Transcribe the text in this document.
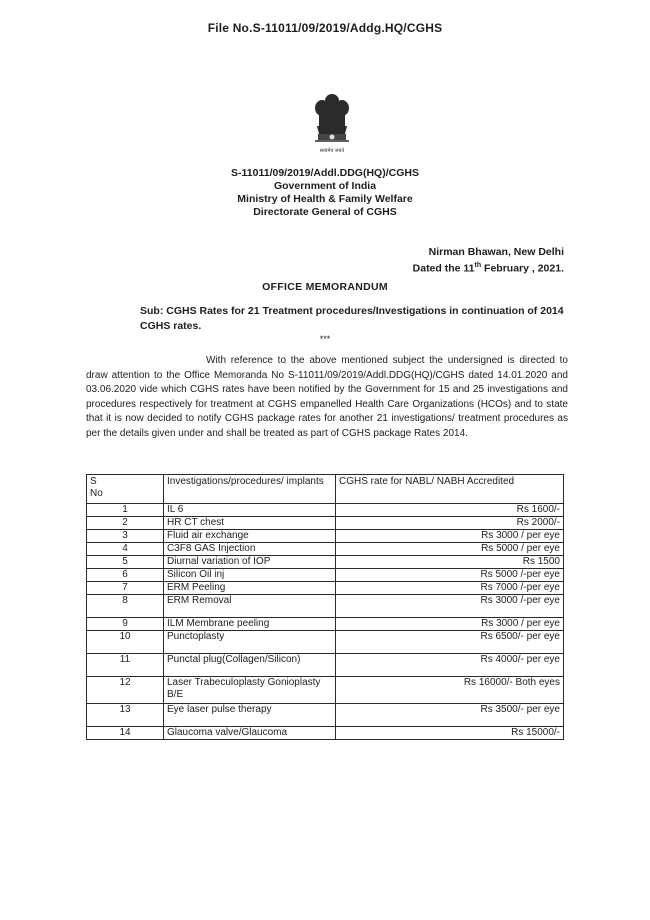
File No.S-11011/09/2019/Addg.HQ/CGHS
सत्यमेव जयते
S-11011/09/2019/Addl.DDG(HQ)/CGHS
Government of India
Ministry of Health & Family Welfare
Directorate General of CGHS
Nirman Bhawan, New Delhi
Dated the 11th February , 2021.
OFFICE MEMORANDUM
Sub: CGHS Rates for 21 Treatment procedures/Investigations in continuation of 2014 CGHS rates.
***
With reference to the above mentioned subject the undersigned is directed to draw attention to the Office Memoranda No S-11011/09/2019/Addl.DDG(HQ)/CGHS dated 14.01.2020 and 03.06.2020 vide which CGHS rates have been notified by the Government for 15 and 25 investigations and procedures respectively for treatment at CGHS empanelled Health Care Organizations (HCOs) and to state that it is now decided to notify CGHS package rates for another 21 investigations/ treatment procedures as per the details given under and shall be treated as part of CGHS package Rates 2014.
S

No	Investigations/procedures/ implants	CGHS rate for NABL/ NABH Accredited
1	IL 6	Rs 1600/-
2	HR CT chest	Rs 2000/-
3	Fluid air exchange	Rs 3000 / per eye
4	C3F8 GAS Injection	Rs 5000 / per eye
5	Diurnal variation of IOP	Rs 1500
6	Silicon Oil inj	Rs 5000 /-per eye
7	ERM Peeling	Rs 7000 /-per eye
8	ERM Removal	Rs 3000 /-per eye
9	ILM Membrane peeling	Rs 3000 / per eye
10	Punctoplasty	Rs 6500/- per eye
11	Punctal plug(Collagen/Silicon)	Rs 4000/- per eye
12	Laser Trabeculoplasty Gonioplasty B/E	Rs 16000/- Both eyes
13	Eye laser pulse therapy	Rs 3500/- per eye
14	Glaucoma valve/Glaucoma	Rs 15000/-
